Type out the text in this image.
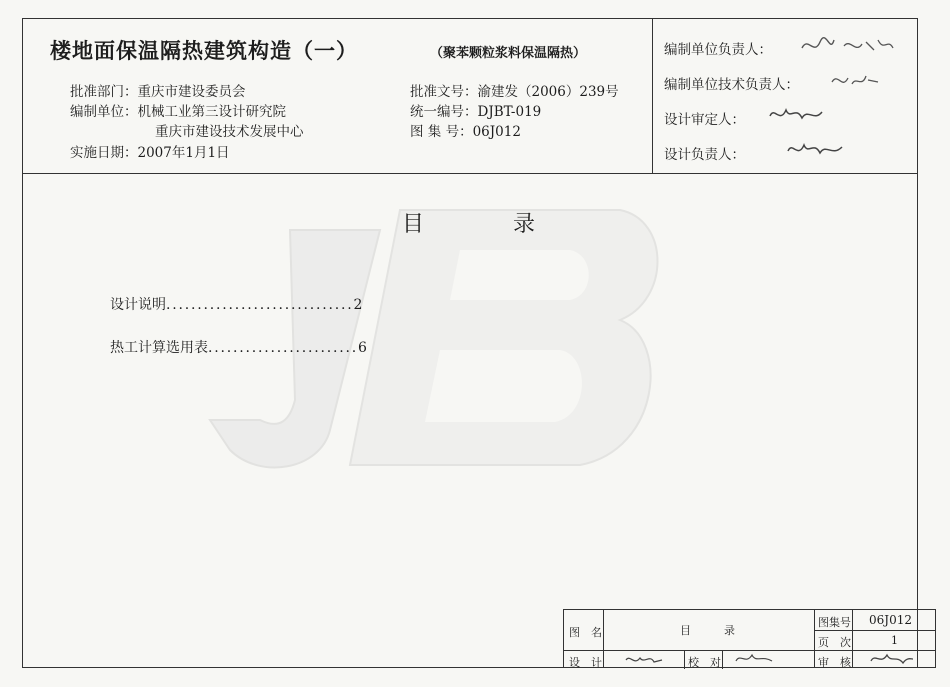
楼地面保温隔热建筑构造（一）	（聚苯颗粒浆料保温隔热）
批准部门：重庆市建设委员会
编制单位：机械工业第三设计研究院
重庆市建设技术发展中心
实施日期：2007年1月1日
批准文号：渝建发（2006）239号
统一编号：DJBT-019
图 集 号：06J012
编制单位负责人：
编制单位技术负责人：
设计审定人：
设计负责人：
目	录
设计说明..............................2
热工计算选用表........................6
图　名	目　　　录
图集号 06J012
页　次	1
设　计	校　对	审　核
